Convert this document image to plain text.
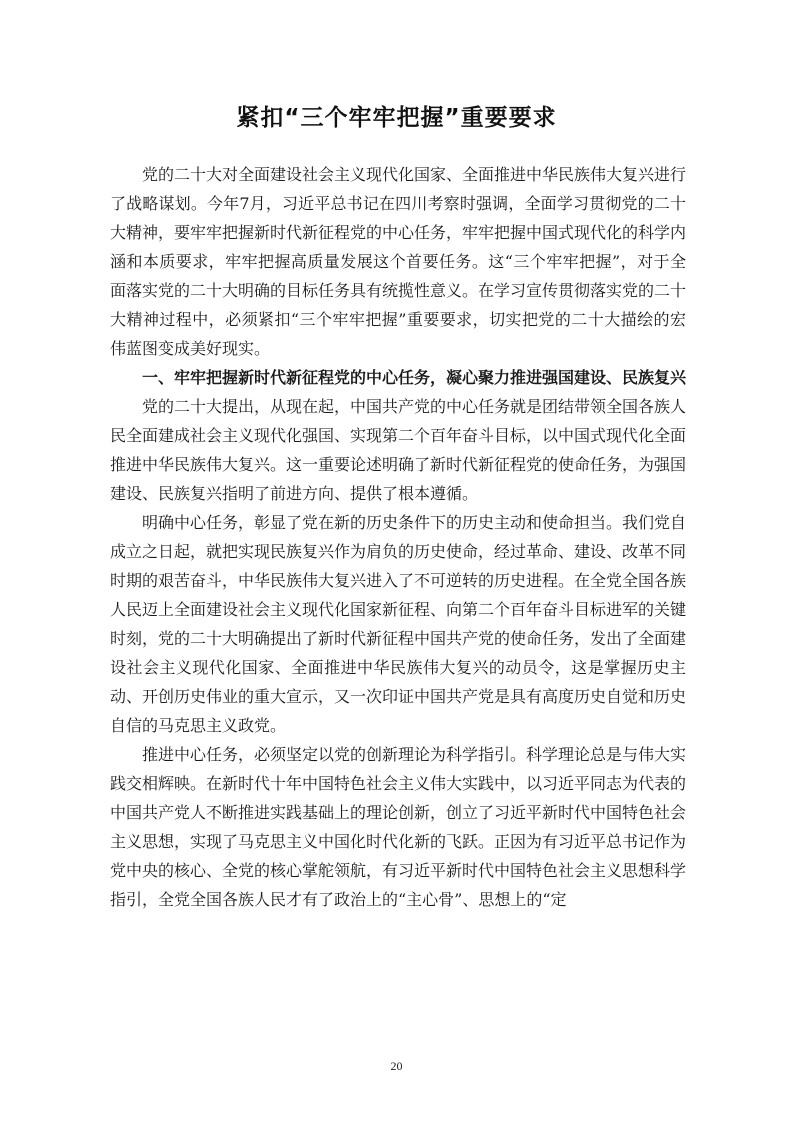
紧扣“三个牢牢把握”重要要求

党的二十大对全面建设社会主义现代化国家、全面推进中华民族伟大复兴进行了战略谋划。今年7月，习近平总书记在四川考察时强调，全面学习贯彻党的二十大精神，要牢牢把握新时代新征程党的中心任务，牢牢把握中国式现代化的科学内涵和本质要求，牢牢把握高质量发展这个首要任务。这“三个牢牢把握”，对于全面落实党的二十大明确的目标任务具有统揽性意义。在学习宣传贯彻落实党的二十大精神过程中，必须紧扣“三个牢牢把握”重要要求，切实把党的二十大描绘的宏伟蓝图变成美好现实。

一、牢牢把握新时代新征程党的中心任务，凝心聚力推进强国建设、民族复兴

党的二十大提出，从现在起，中国共产党的中心任务就是团结带领全国各族人民全面建成社会主义现代化强国、实现第二个百年奋斗目标，以中国式现代化全面推进中华民族伟大复兴。这一重要论述明确了新时代新征程党的使命任务，为强国建设、民族复兴指明了前进方向、提供了根本遵循。

明确中心任务，彰显了党在新的历史条件下的历史主动和使命担当。我们党自成立之日起，就把实现民族复兴作为肩负的历史使命，经过革命、建设、改革不同时期的艰苦奋斗，中华民族伟大复兴进入了不可逆转的历史进程。在全党全国各族人民迈上全面建设社会主义现代化国家新征程、向第二个百年奋斗目标进军的关键时刻，党的二十大明确提出了新时代新征程中国共产党的使命任务，发出了全面建设社会主义现代化国家、全面推进中华民族伟大复兴的动员令，这是掌握历史主动、开创历史伟业的重大宣示，又一次印证中国共产党是具有高度历史自觉和历史自信的马克思主义政党。

推进中心任务，必须坚定以党的创新理论为科学指引。科学理论总是与伟大实践交相辉映。在新时代十年中国特色社会主义伟大实践中，以习近平同志为代表的中国共产党人不断推进实践基础上的理论创新，创立了习近平新时代中国特色社会主义思想，实现了马克思主义中国化时代化新的飞跃。正因为有习近平总书记作为党中央的核心、全党的核心掌舵领航，有习近平新时代中国特色社会主义思想科学指引，全党全国各族人民才有了政治上的“主心骨”、思想上的“定

20
